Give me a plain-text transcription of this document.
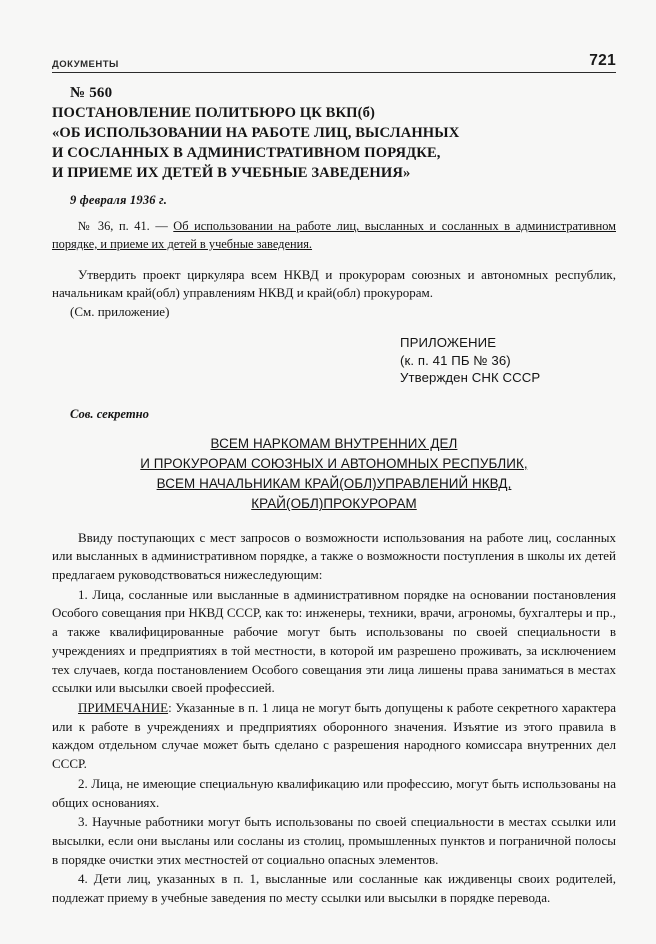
ДОКУМЕНТЫ	721
№ 560
ПОСТАНОВЛЕНИЕ ПОЛИТБЮРО ЦК ВКП(б)
«ОБ ИСПОЛЬЗОВАНИИ НА РАБОТЕ ЛИЦ, ВЫСЛАННЫХ
И СОСЛАННЫХ В АДМИНИСТРАТИВНОМ ПОРЯДКЕ,
И ПРИЕМЕ ИХ ДЕТЕЙ В УЧЕБНЫЕ ЗАВЕДЕНИЯ»
9 февраля 1936 г.
№ 36, п. 41. — Об использовании на работе лиц, высланных и сосланных в административном порядке, и приеме их детей в учебные заведения.

Утвердить проект циркуляра всем НКВД и прокурорам союзных и автономных республик, начальникам край(обл) управлениям НКВД и край(обл) прокурорам.

(См. приложение)
ПРИЛОЖЕНИЕ
(к. п. 41 ПБ № 36)
Утвержден СНК СССР
Сов. секретно
ВСЕМ НАРКОМАМ ВНУТРЕННИХ ДЕЛ
И ПРОКУРОРАМ СОЮЗНЫХ И АВТОНОМНЫХ РЕСПУБЛИК,
ВСЕМ НАЧАЛЬНИКАМ КРАЙ(ОБЛ)УПРАВЛЕНИЙ НКВД,
КРАЙ(ОБЛ)ПРОКУРОРАМ

Ввиду поступающих с мест запросов о возможности использования на работе лиц, сосланных или высланных в административном порядке, а также о возможности поступления в школы их детей предлагаем руководствоваться нижеследующим:

1. Лица, сосланные или высланные в административном порядке на основании постановления Особого совещания при НКВД СССР, как то: инженеры, техники, врачи, агрономы, бухгалтеры и пр., а также квалифицированные рабочие могут быть использованы по своей специальности в учреждениях и предприятиях в той местности, в которой им разрешено проживать, за исключением тех случаев, когда постановлением Особого совещания эти лица лишены права заниматься в местах ссылки или высылки своей профессией.

ПРИМЕЧАНИЕ: Указанные в п. 1 лица не могут быть допущены к работе секретного характера или к работе в учреждениях и предприятиях оборонного значения. Изъятие из этого правила в каждом отдельном случае может быть сделано с разрешения народного комиссара внутренних дел СССР.

2. Лица, не имеющие специальную квалификацию или профессию, могут быть использованы на общих основаниях.

3. Научные работники могут быть использованы по своей специальности в местах ссылки или высылки, если они высланы или сосланы из столиц, промышленных пунктов и пограничной полосы в порядке очистки этих местностей от социально опасных элементов.

4. Дети лиц, указанных в п. 1, высланные или сосланные как иждивенцы своих родителей, подлежат приему в учебные заведения по месту ссылки или высылки в порядке перевода.
